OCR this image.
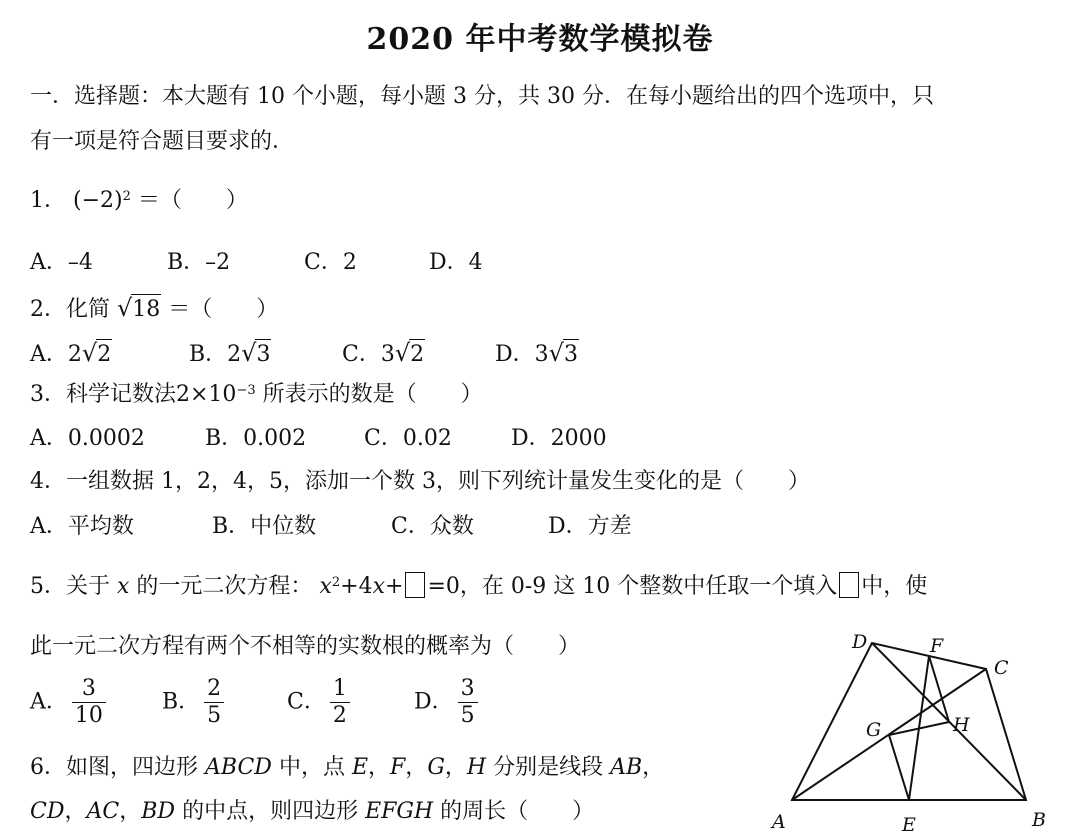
2020 年中考数学模拟卷
一．选择题：本大题有 10 个小题，每小题 3 分，共 30 分．在每小题给出的四个选项中，只
有一项是符合题目要求的．
1． $(-2)^2$ ＝（　　）
A．–4	B．–2	C．2	D．4
2．化简 √18 ＝（　　）
A．2√2	B．2√3	C．3√2	D．3√3
3．科学记数法$2\times 10^{-3}$ 所表示的数是（　　）
A．0.0002	B．0.002	C．0.02	D．2000
4．一组数据 1，2，4，5，添加一个数 3，则下列统计量发生变化的是（　　）
A．平均数	B．中位数	C．众数	D．方差
5．关于 x 的一元二次方程： $x^2+4x+ =0$，在 0-9 这 10 个整数中任取一个填入 中，使
此一元二次方程有两个不相等的实数根的概率为（　　）
A． $\frac{3}{10}$	B． $\frac{2}{5}$	C． $\frac{1}{2}$	D． $\frac{3}{5}$
6．如图，四边形 ABCD 中，点 E，F，G，H 分别是线段 AB，
CD，AC，BD 的中点，则四边形 EFGH 的周长（　　）	A	B
C
D
E
F
G	H
